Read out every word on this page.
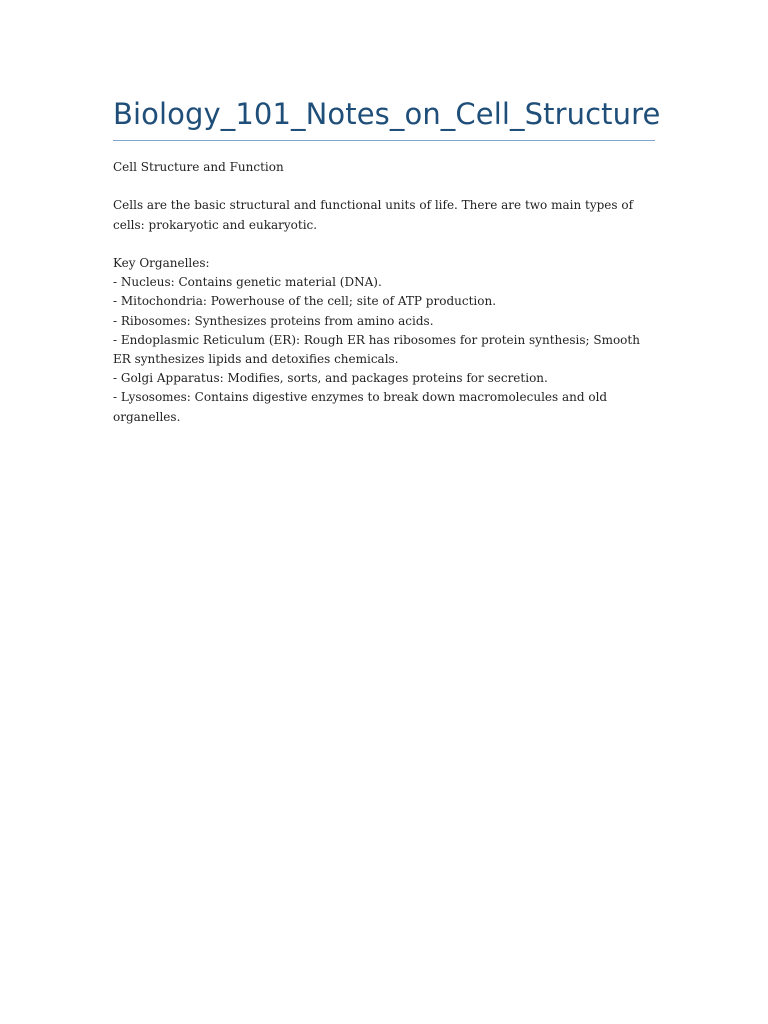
Biology_101_Notes_on_Cell_Structure

Cell Structure and Function

Cells are the basic structural and functional units of life. There are two main types of cells: prokaryotic and eukaryotic.

Key Organelles:

- Nucleus: Contains genetic material (DNA).

- Mitochondria: Powerhouse of the cell; site of ATP production.

- Ribosomes: Synthesizes proteins from amino acids.

- Endoplasmic Reticulum (ER): Rough ER has ribosomes for protein synthesis; Smooth ER synthesizes lipids and detoxifies chemicals.

- Golgi Apparatus: Modifies, sorts, and packages proteins for secretion.

- Lysosomes: Contains digestive enzymes to break down macromolecules and old organelles.
